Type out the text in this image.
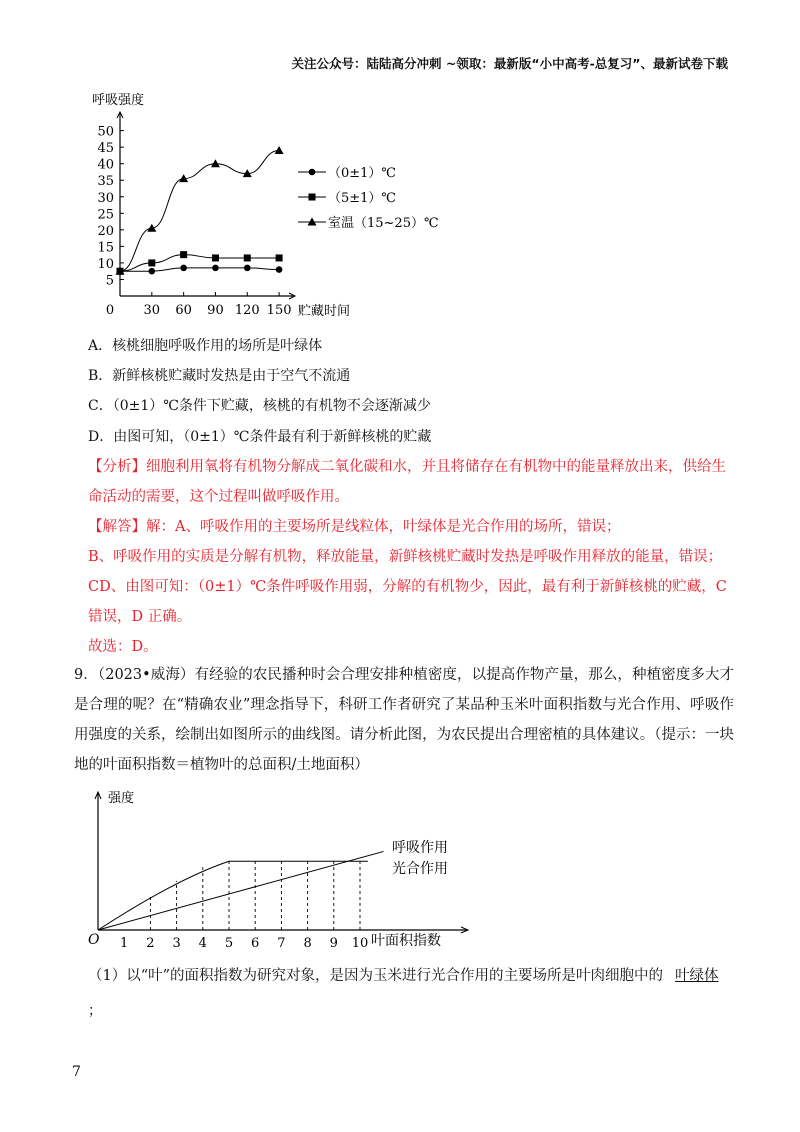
关注公众号：陆陆高分冲刺 ~领取：最新版“小中高考-总复习”、最新试卷下载
呼吸强度
5
10
15
20
25
30
35
40
45
50
0 30 60 90 120 150
（0±1）℃
（5±1）℃
室温（15~25）℃
贮藏时间
A．核桃细胞呼吸作用的场所是叶绿体
B．新鲜核桃贮藏时发热是由于空气不流通
C．（0±1）℃条件下贮藏，核桃的有机物不会逐渐减少
D．由图可知，（0±1）℃条件最有利于新鲜核桃的贮藏
【分析】细胞利用氧将有机物分解成二氧化碳和水，并且将储存在有机物中的能量释放出来，供给生命活动的需要，这个过程叫做呼吸作用。
【解答】解：A、呼吸作用的主要场所是线粒体，叶绿体是光合作用的场所，错误；
B、呼吸作用的实质是分解有机物，释放能量，新鲜核桃贮藏时发热是呼吸作用释放的能量，错误；
CD、由图可知：（0±1）℃条件呼吸作用弱，分解的有机物少，因此，最有利于新鲜核桃的贮藏，C 错误，D 正确。
故选：D。
9．（2023•威海）有经验的农民播种时会合理安排种植密度，以提高作物产量，那么，种植密度多大才是合理的呢？在“精确农业”理念指导下，科研工作者研究了某品种玉米叶面积指数与光合作用、呼吸作用强度的关系，绘制出如图所示的曲线图。请分析此图，为农民提出合理密植的具体建议。（提示：一块地的叶面积指数＝植物叶的总面积/土地面积）
强度
1 2 3 4 5 6 7 8 9 10
呼吸作用
光合作用
O	叶面积指数
（1）以“叶”的面积指数为研究对象，是因为玉米进行光合作用的主要场所是叶肉细胞中的 叶绿体
；
7
